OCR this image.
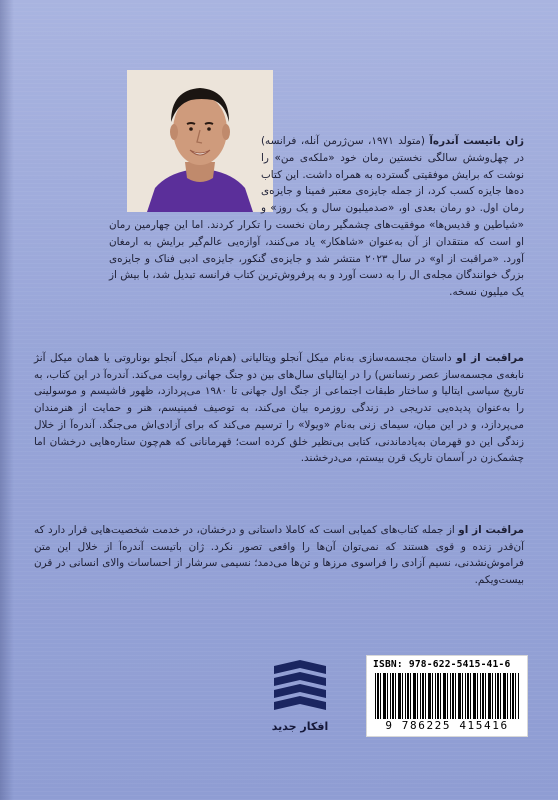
ژان باتیست آندره‌آ (متولد ۱۹۷۱، سن‌ژرمن آنله، فرانسه) در چهل‌وشش سالگی نخستین رمان خود «ملکه‌ی من» را نوشت که برایش موفقیتی گسترده به همراه داشت. این کتاب ده‌ها جایزه کسب کرد، از جمله جایزه‌ی معتبر فمینا و جایزه‌ی رمان اول. دو رمان بعدی او، «صدمیلیون سال و یک روز» و «شیاطین و قدیس‌ها» موفقیت‌های چشمگیر رمان نخست را تکرار کردند. اما این چهارمین رمان او است که منتقدان از آن به‌عنوان «شاهکار» یاد می‌کنند، آوازه‌یی عالم‌گیر برایش به ارمغان آورد. «مراقبت از او» در سال ۲۰۲۳ منتشر شد و جایزه‌ی گنکور، جایزه‌ی ادبی فناک و جایزه‌ی بزرگ خوانندگان مجله‌ی ال را به دست آورد و به پرفروش‌ترین کتاب فرانسه تبدیل شد، با بیش از یک میلیون نسخه.
مراقبت از او داستان مجسمه‌سازی به‌نام میکل آنجلو ویتالیانی (هم‌نام میکل آنجلو بوناروتی یا همان میکل آنژ نابغه‌ی مجسمه‌ساز عصر رنسانس) را در ایتالیای سال‌های بین دو جنگ جهانی روایت می‌کند. آندره‌آ در این کتاب، به تاریخ سیاسی ایتالیا و ساختار طبقات اجتماعی از جنگ اول جهانی تا ۱۹۸۰ می‌پردازد، ظهور فاشیسم و موسولینی را به‌عنوان پدیده‌یی تدریجی در زندگی روزمره بیان می‌کند، به توصیف فمینیسم، هنر و حمایت از هنرمندان می‌پردازد، و در این میان، سیمای زنی به‌نام «ویولا» را ترسیم می‌کند که برای آزادی‌اش می‌جنگد. آندره‌آ از خلال زندگی این دو قهرمان به‌یادماندنی، کتابی بی‌نظیر خلق کرده است؛ قهرمانانی که هم‌چون ستاره‌هایی درخشان اما چشمک‌زن در آسمان تاریک قرن بیستم، می‌درخشند.
مراقبت از او از جمله کتاب‌های کمیابی است که کاملا داستانی و درخشان، در خدمت شخصیت‌هایی قرار دارد که آن‌قدر زنده و قوی هستند که نمی‌توان آن‌ها را واقعی تصور نکرد. ژان باتیست آندره‌آ از خلال این متن فراموش‌نشدنی، نسیم آزادی را فراسوی مرزها و تن‌ها می‌دمد؛ نسیمی سرشار از احساسات والای انسانی در قرن بیست‌ویکم.
افکار جدید
ISBN: 978-622-5415-41-6
9 786225 415416
